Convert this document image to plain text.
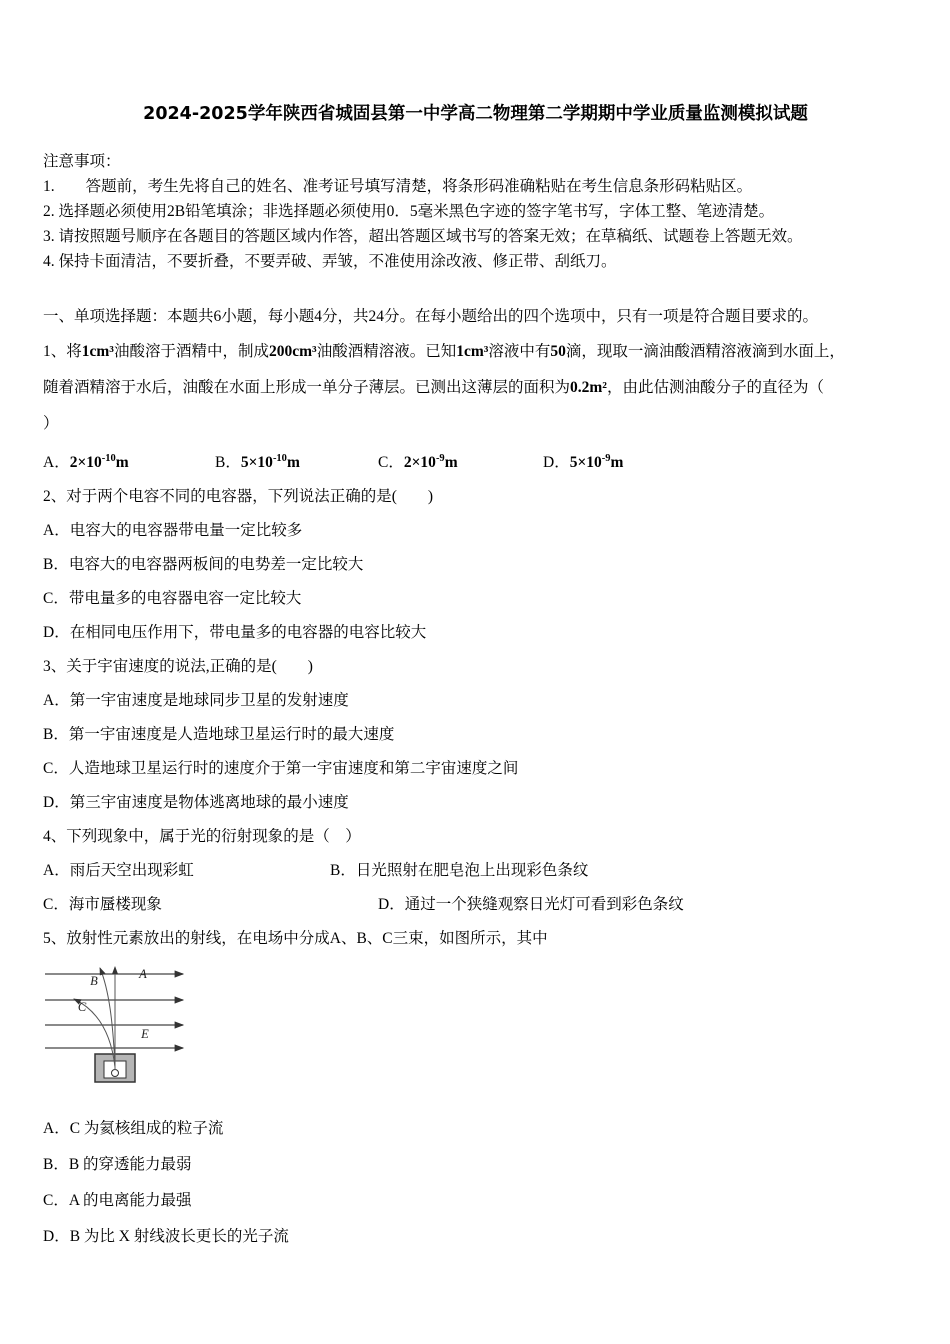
2024-2025学年陕西省城固县第一中学高二物理第二学期期中学业质量监测模拟试题

注意事项：

1.　　答题前，考生先将自己的姓名、准考证号填写清楚，将条形码准确粘贴在考生信息条形码粘贴区。

2. 选择题必须使用2B铅笔填涂；非选择题必须使用0．5毫米黑色字迹的签字笔书写，字体工整、笔迹清楚。

3. 请按照题号顺序在各题目的答题区域内作答，超出答题区域书写的答案无效；在草稿纸、试题卷上答题无效。

4. 保持卡面清洁，不要折叠，不要弄破、弄皱，不准使用涂改液、修正带、刮纸刀。

一、单项选择题：本题共6小题，每小题4分，共24分。在每小题给出的四个选项中，只有一项是符合题目要求的。

1、将1cm³油酸溶于酒精中，制成200cm³油酸酒精溶液。已知1cm³溶液中有50滴，现取一滴油酸酒精溶液滴到水面上，

随着酒精溶于水后，油酸在水面上形成一单分子薄层。已测出这薄层的面积为0.2m²，由此估测油酸分子的直径为（

）

A．$2\times 10^{-10}m$	B．$5\times 10^{-10}m$	C．$2\times 10^{-9}m$	D．$5\times 10^{-9}m$

2、对于两个电容不同的电容器，下列说法正确的是(　　)

A．电容大的电容器带电量一定比较多

B．电容大的电容器两板间的电势差一定比较大

C．带电量多的电容器电容一定比较大

D．在相同电压作用下，带电量多的电容器的电容比较大

3、关于宇宙速度的说法,正确的是(　　)

A．第一宇宙速度是地球同步卫星的发射速度

B．第一宇宙速度是人造地球卫星运行时的最大速度

C．人造地球卫星运行时的速度介于第一宇宙速度和第二宇宙速度之间

D．第三宇宙速度是物体逃离地球的最小速度

4、下列现象中，属于光的衍射现象的是（　）

A．雨后天空出现彩虹	B．日光照射在肥皂泡上出现彩色条纹

C．海市蜃楼现象	D．通过一个狭缝观察日光灯可看到彩色条纹

5、放射性元素放出的射线，在电场中分成A、B、C三束，如图所示，其中

B	A
C
E

A．C 为氦核组成的粒子流

B．B 的穿透能力最弱

C．A 的电离能力最强

D．B 为比 X 射线波长更长的光子流
